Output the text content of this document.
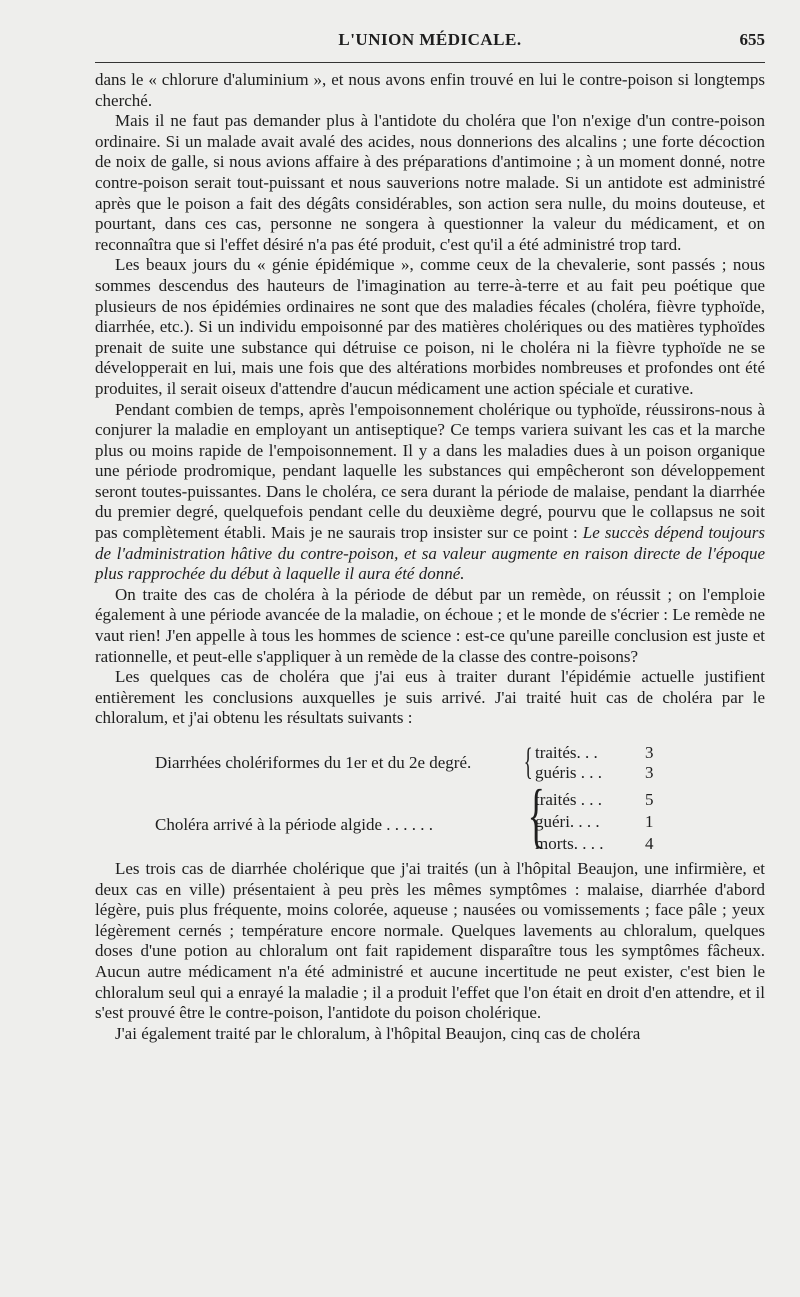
L'UNION MÉDICALE.	655

dans le « chlorure d'aluminium », et nous avons enfin trouvé en lui le contre-poison si longtemps cherché.

Mais il ne faut pas demander plus à l'antidote du choléra que l'on n'exige d'un contre-poison ordinaire. Si un malade avait avalé des acides, nous donnerions des alcalins ; une forte décoction de noix de galle, si nous avions affaire à des préparations d'antimoine ; à un moment donné, notre contre-poison serait tout-puissant et nous sauverions notre malade. Si un antidote est administré après que le poison a fait des dégâts considérables, son action sera nulle, du moins douteuse, et pourtant, dans ces cas, personne ne songera à questionner la valeur du médicament, et on reconnaîtra que si l'effet désiré n'a pas été produit, c'est qu'il a été administré trop tard.

Les beaux jours du « génie épidémique », comme ceux de la chevalerie, sont passés ; nous sommes descendus des hauteurs de l'imagination au terre-à-terre et au fait peu poétique que plusieurs de nos épidémies ordinaires ne sont que des maladies fécales (choléra, fièvre typhoïde, diarrhée, etc.). Si un individu empoisonné par des matières cholériques ou des matières typhoïdes prenait de suite une substance qui détruise ce poison, ni le choléra ni la fièvre typhoïde ne se développerait en lui, mais une fois que des altérations morbides nombreuses et profondes ont été produites, il serait oiseux d'attendre d'aucun médicament une action spéciale et curative.

Pendant combien de temps, après l'empoisonnement cholérique ou typhoïde, réussirons-nous à conjurer la maladie en employant un antiseptique? Ce temps variera suivant les cas et la marche plus ou moins rapide de l'empoisonnement. Il y a dans les maladies dues à un poison organique une période prodromique, pendant laquelle les substances qui empêcheront son développement seront toutes-puissantes. Dans le choléra, ce sera durant la période de malaise, pendant la diarrhée du premier degré, quelquefois pendant celle du deuxième degré, pourvu que le collapsus ne soit pas complètement établi. Mais je ne saurais trop insister sur ce point : Le succès dépend toujours de l'administration hâtive du contre-poison, et sa valeur augmente en raison directe de l'époque plus rapprochée du début à laquelle il aura été donné.

On traite des cas de choléra à la période de début par un remède, on réussit ; on l'emploie également à une période avancée de la maladie, on échoue ; et le monde de s'écrier : Le remède ne vaut rien! J'en appelle à tous les hommes de science : est-ce qu'une pareille conclusion est juste et rationnelle, et peut-elle s'appliquer à un remède de la classe des contre-poisons?

Les quelques cas de choléra que j'ai eus à traiter durant l'épidémie actuelle justifient entièrement les conclusions auxquelles je suis arrivé. J'ai traité huit cas de choléra par le chloralum, et j'ai obtenu les résultats suivants :

Diarrhées cholériformes du 1er et du 2e degré. { traités. . .	3
guéris . . .	3
Choléra arrivé à la période algide . . . . . . {
traités . . .	5
guéri. . . .	1
morts. . . . 4

Les trois cas de diarrhée cholérique que j'ai traités (un à l'hôpital Beaujon, une infirmière, et deux cas en ville) présentaient à peu près les mêmes symptômes : malaise, diarrhée d'abord légère, puis plus fréquente, moins colorée, aqueuse ; nausées ou vomissements ; face pâle ; yeux légèrement cernés ; température encore normale. Quelques lavements au chloralum, quelques doses d'une potion au chloralum ont fait rapidement disparaître tous les symptômes fâcheux. Aucun autre médicament n'a été administré et aucune incertitude ne peut exister, c'est bien le chloralum seul qui a enrayé la maladie ; il a produit l'effet que l'on était en droit d'en attendre, et il s'est prouvé être le contre-poison, l'antidote du poison cholérique.

J'ai également traité par le chloralum, à l'hôpital Beaujon, cinq cas de choléra
